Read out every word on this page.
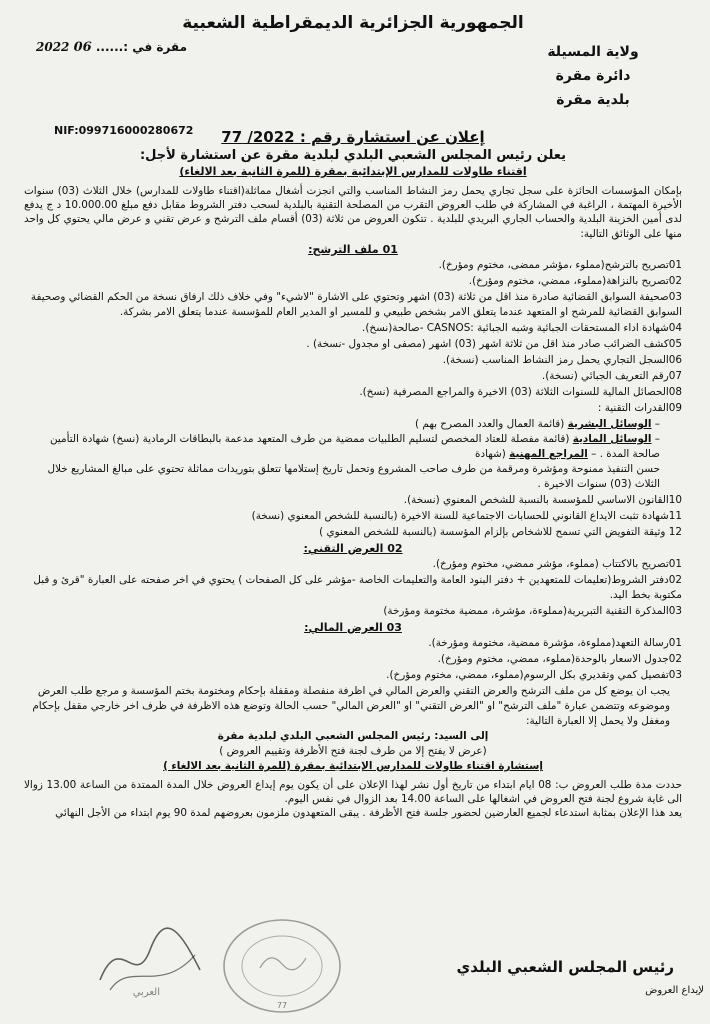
الجمهورية الجزائرية الديمقراطية الشعبية
ولاية المسيلة
دائرة مقرة
بلدية مقرة
مقرة في :...... 06 2022
NIF:099716000280672	إعلان عن استشارة رقم : 2022/ 77
يعلن رئيس المجلس الشعبي البلدي لبلدية مقرة عن استشارة لأجل:
اقتناء طاولات للمدارس الإبتدائية بمقرة (للمرة الثانية بعد الالغاء)

بإمكان المؤسسات الحائزة على سجل تجاري يحمل رمز النشاط المناسب والتي انجزت أشغال مماثلة(اقتناء طاولات للمدارس) خلال الثلاث (03) سنوات الأخيرة المهتمة ، الراغبة في المشاركة في طلب العروض التقرب من المصلحة التقنية بالبلدية لسحب دفتر الشروط مقابل دفع مبلغ 10.000.00 د ج يدفع لدى أمين الخزينة البلدية والحساب الجاري البريدي للبلدية . تتكون العروض من ثلاثة (03) أقسام ملف الترشح و عرض تقني و عرض مالي يحتوي كل واحد منها على الوثائق التالية:

01 ملف الترشح:
01تصريح بالترشح(مملوء ،مؤشر ممضى، مختوم ومؤرخ).
02تصريح بالنزاهة(مملوء، ممضي، مختوم ومؤرخ).
03صحيفة السوابق القضائية صادرة منذ اقل من ثلاثة (03) اشهر وتحتوي على الاشارة "لاشيء" وفي خلاف ذلك ارفاق نسخة من الحكم القضائي وصحيفة السوابق القضائية للمرشح او المتعهد عندما يتعلق الامر بشخص طبيعي و للمسير او المدير العام للمؤسسة عندما يتعلق الامر بشركة.
04شهادة اداء المستحقات الجبائية وشبه الجبائية :CASNOS -صالحة(نسخ).
05كشف الضرائب صادر منذ اقل من ثلاثة اشهر (03) اشهر (مصفى او مجدول -نسخة) .
06السجل التجاري يحمل رمز النشاط المناسب (نسخة).
07رقم التعريف الجبائي (نسخة).
08الحصائل المالية للسنوات الثلاثة (03) الاخيرة والمراجع المصرفية (نسخ).
09القدرات التقنية :
– الوسائل البشرية (قائمة العمال والعدد المصرح بهم )
– الوسائل المادية (قائمة مفصلة للعتاد المخصص لتسليم الطلبيات ممضية من طرف المتعهد مدعمة بالبطاقات الرمادية (نسخ) شهادة التأمين صالحة المدة . – المراجع المهنية (شهادة
حسن التنفيذ ممنوحة ومؤشرة ومرقمة من طرف صاحب المشروع وتحمل تاريخ إستلامها تتعلق بتوريدات مماثلة تحتوي على مبالغ المشاريع خلال الثلاث (03) سنوات الاخيرة .
10القانون الاساسي للمؤسسة بالنسبة للشخص المعنوي (نسخة).
11شهادة تثبت الايداع القانوني للحسابات الاجتماعية للسنة الاخيرة (بالنسبة للشخص المعنوي (نسخة)
12 وثيقة التفويض التي تسمح للاشخاص بإلزام المؤسسة (بالنسبة للشخص المعنوي )
02 العرض التقني:
01تصريح بالاكتتاب (مملوء، مؤشر ممضي، مختوم ومؤرخ).
02دفتر الشروط(تعليمات للمتعهدين + دفتر البنود العامة والتعليمات الخاصة -مؤشر على كل الصفحات ) يحتوي في اخر صفحته على العبارة "قرئ و قبل مكتوبة بخط اليد.
03المذكرة التقنية التبريرية(مملوءة، مؤشرة، ممضية مختومة ومؤرخة)
03 العرض المالي:
01رسالة التعهد(مملوءة، مؤشرة ممضية، مختومة ومؤرخة).
02جدول الاسعار بالوحدة(مملوء، ممضي، مختوم ومؤرخ).
03تفصيل كمي وتقديري بكل الرسوم(مملوء، ممضي، مختوم ومؤرخ).
يجب ان يوضع كل من ملف الترشح والعرض التقني والعرض المالي في اظرفة منفصلة ومقفلة بإحكام ومختومة بختم المؤسسة و مرجع طلب العرض وموضوعه وتتضمن عبارة "ملف الترشح" او "العرض التقني" او "العرض المالي" حسب الحالة وتوضع هذه الاظرفة في ظرف اخر خارجي مقفل بإحكام ومغفل ولا يحمل إلا العبارة التالية:
إلى السيد: رئيس المجلس الشعبي البلدي لبلدية مقرة
(عرض لا يفتح إلا من طرف لجنة فتح الأظرفة وتقييم العروض )
إستشارة اقتناء طاولات للمدارس الإبتدائية بمقرة (للمرة الثانية بعد الالغاء )

حددت مدة طلب العروض ب: 08 ايام ابتداء من تاريخ أول نشر لهذا الإعلان على أن يكون يوم إيداع العروض خلال المدة الممتدة من الساعة 13.00 زوالا الى غاية شروع لجنة فتح العروض في اشغالها على الساعة 14.00 بعد الزوال في نفس اليوم.

يعد هذا الإعلان بمثابة استدعاء لجميع العارضين لحضور جلسة فتح الأظرفة . يبقى المتعهدون ملزمون بعروضهم لمدة 90 يوم ابتداء من الأجل النهائي

رئيس المجلس الشعبي البلدي
لإيداع العروض
77
العربي
